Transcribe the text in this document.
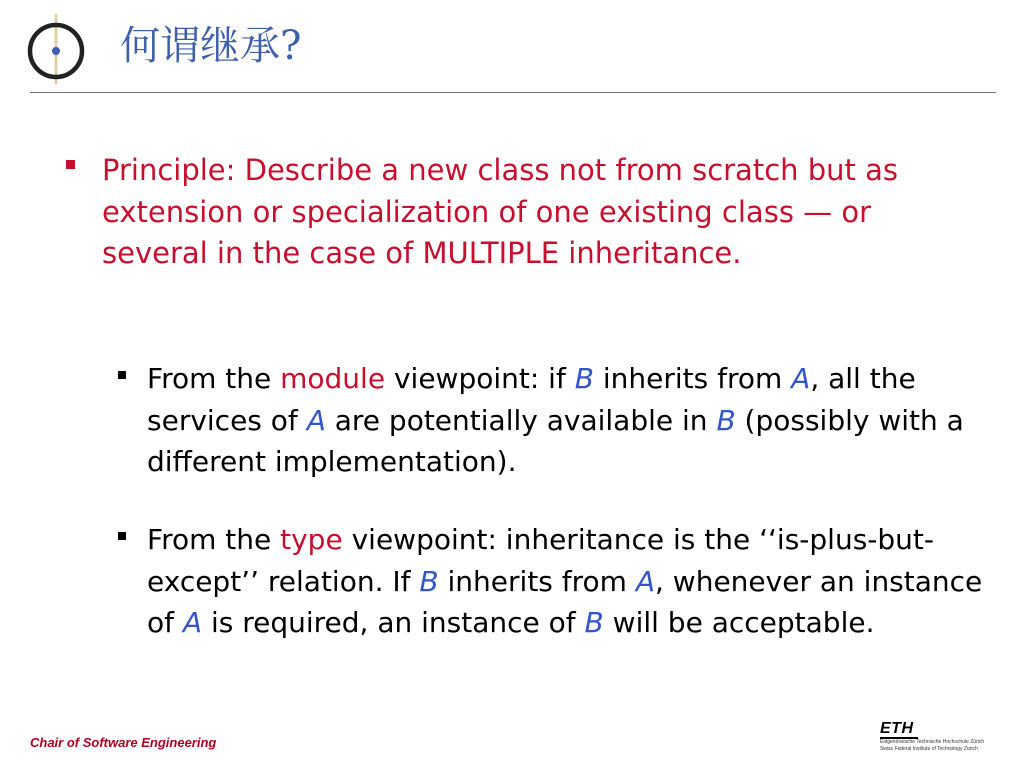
何谓继承?
Principle: Describe a new class not from scratch but as extension or specialization of one existing class — or several in the case of MULTIPLE inheritance.
From the module viewpoint: if B inherits from A, all the services of A are potentially available in B (possibly with a different implementation).
From the type viewpoint: inheritance is the ‘‘is-plus-but-except’’ relation. If B inherits from A, whenever an instance of A is required, an instance of B will be acceptable.
Chair of Software Engineering
ETH
Eidgenössische Technische Hochschule Zürich
Swiss Federal Institute of Technology Zurich
